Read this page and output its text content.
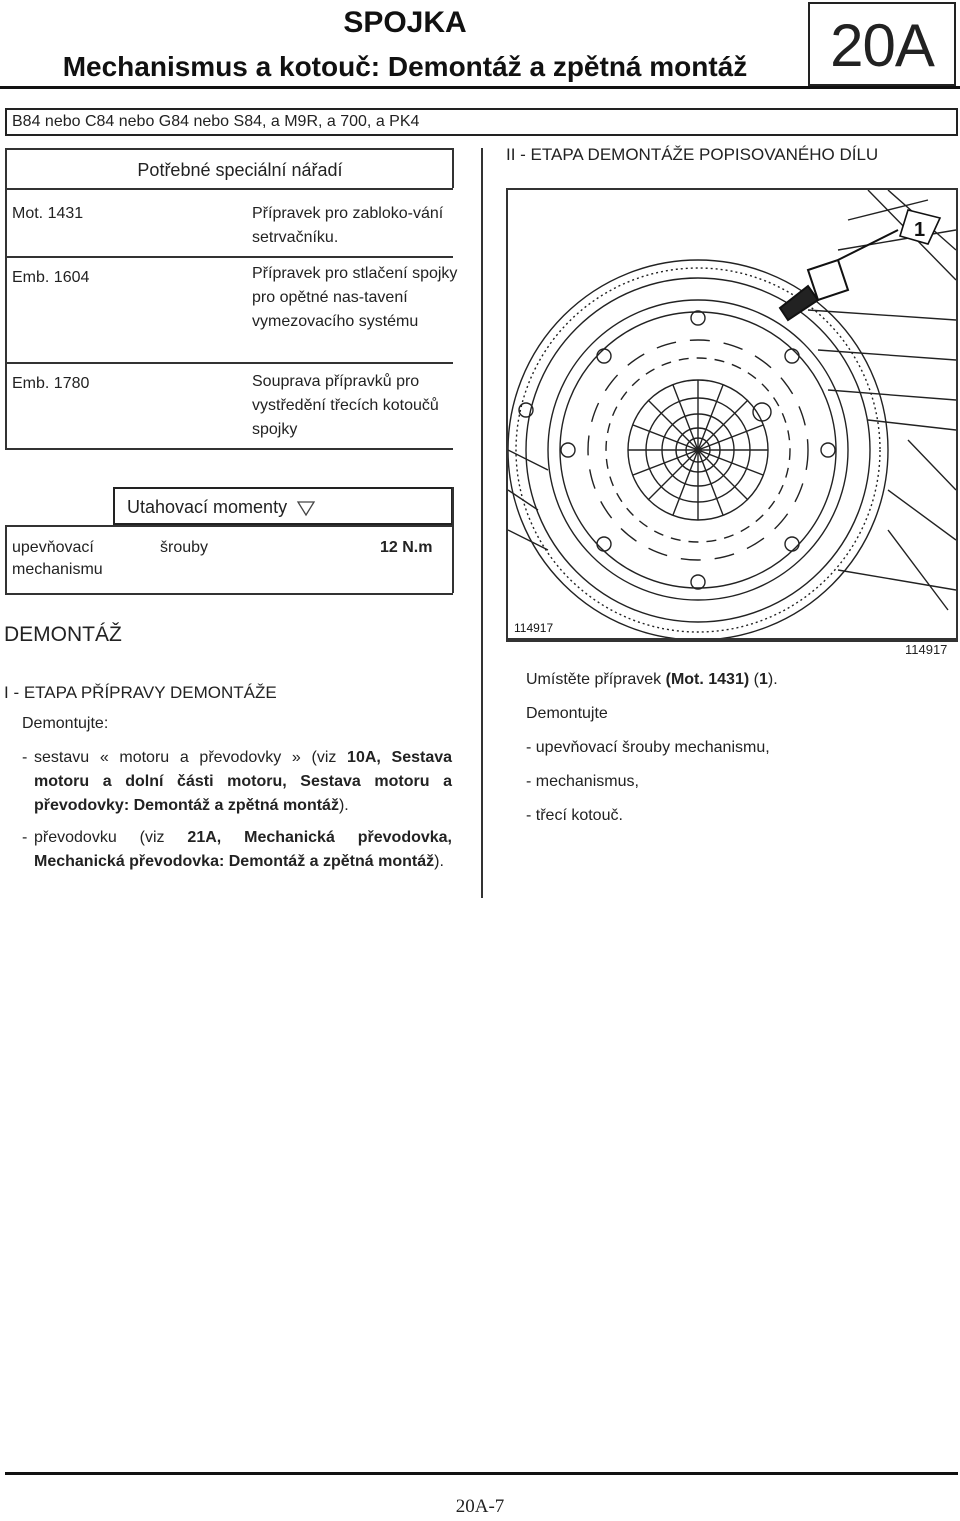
SPOJKA
Mechanismus a kotouč: Demontáž a zpětná montáž	20A
B84 nebo C84 nebo G84 nebo S84, a M9R, a 700, a PK4
Potřebné speciální nářadí
Mot. 1431	Přípravek pro zabloko-vání setrvačníku.
Emb. 1604	Přípravek pro stlačení spojky pro opětné nas-tavení vymezovacího systému
Emb. 1780	Souprava přípravků pro vystředění třecích kotoučů spojky
Utahovací momenty
upevňovací	šrouby	12 N.m
mechanismu
DEMONTÁŽ
I - ETAPA PŘÍPRAVY DEMONTÁŽE
Demontujte:
- sestavu « motoru a převodovky » (viz 10A, Sestava motoru a dolní části motoru, Sestava motoru a převodovky: Demontáž a zpětná montáž).
- převodovku (viz 21A, Mechanická převodovka, Mechanická převodovka: Demontáž a zpětná montáž).
II - ETAPA DEMONTÁŽE POPISOVANÉHO DÍLU
1
114917
114917
Umístěte přípravek (Mot. 1431) (1).
Demontujte
- upevňovací šrouby mechanismu,
- mechanismus,
- třecí kotouč.
20A-7
